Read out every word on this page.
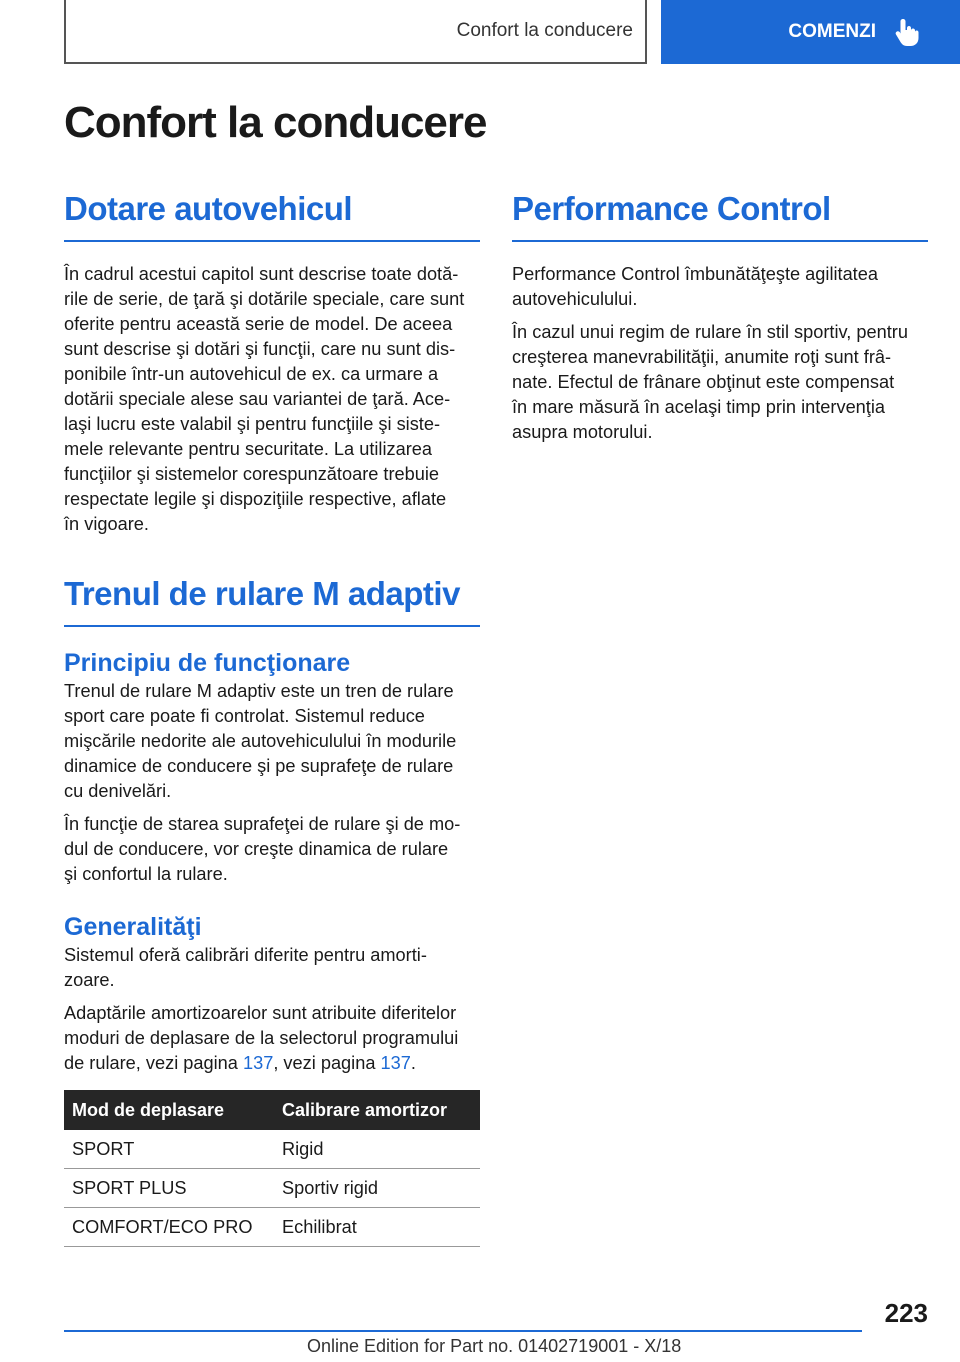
Confort la conducere	COMENZI
Confort la conducere
Dotare autovehicul

În cadrul acestui capitol sunt descrise toate dotă-
rile de serie, de ţară şi dotările speciale, care sunt
oferite pentru această serie de model. De aceea
sunt descrise şi dotări şi funcţii, care nu sunt dis-
ponibile într-un autovehicul de ex. ca urmare a
dotării speciale alese sau variantei de ţară. Ace-
laşi lucru este valabil şi pentru funcţiile şi siste-
mele relevante pentru securitate. La utilizarea
funcţiilor şi sistemelor corespunzătoare trebuie
respectate legile şi dispoziţiile respective, aflate
în vigoare.

Trenul de rulare M adaptiv
Principiu de funcţionare

Trenul de rulare M adaptiv este un tren de rulare
sport care poate fi controlat. Sistemul reduce
mişcările nedorite ale autovehiculului în modurile
dinamice de conducere şi pe suprafeţe de rulare
cu denivelări.

În funcţie de starea suprafeţei de rulare şi de mo-
dul de conducere, vor creşte dinamica de rulare
şi confortul la rulare.

Generalităţi

Sistemul oferă calibrări diferite pentru amorti-
zoare.

Adaptările amortizoarelor sunt atribuite diferitelor
moduri de deplasare de la selectorul programului
de rulare, vezi pagina 137, vezi pagina 137.

Mod de deplasare	Calibrare amortizor
SPORT	Rigid
SPORT PLUS	Sportiv rigid
COMFORT/ECO PRO	Echilibrat
Performance Control

Performance Control îmbunătăţeşte agilitatea
autovehiculului.

În cazul unui regim de rulare în stil sportiv, pentru
creşterea manevrabilităţii, anumite roţi sunt frâ-
nate. Efectul de frânare obţinut este compensat
în mare măsură în acelaşi timp prin intervenţia
asupra motorului.

223
Online Edition for Part no. 01402719001 - X/18
